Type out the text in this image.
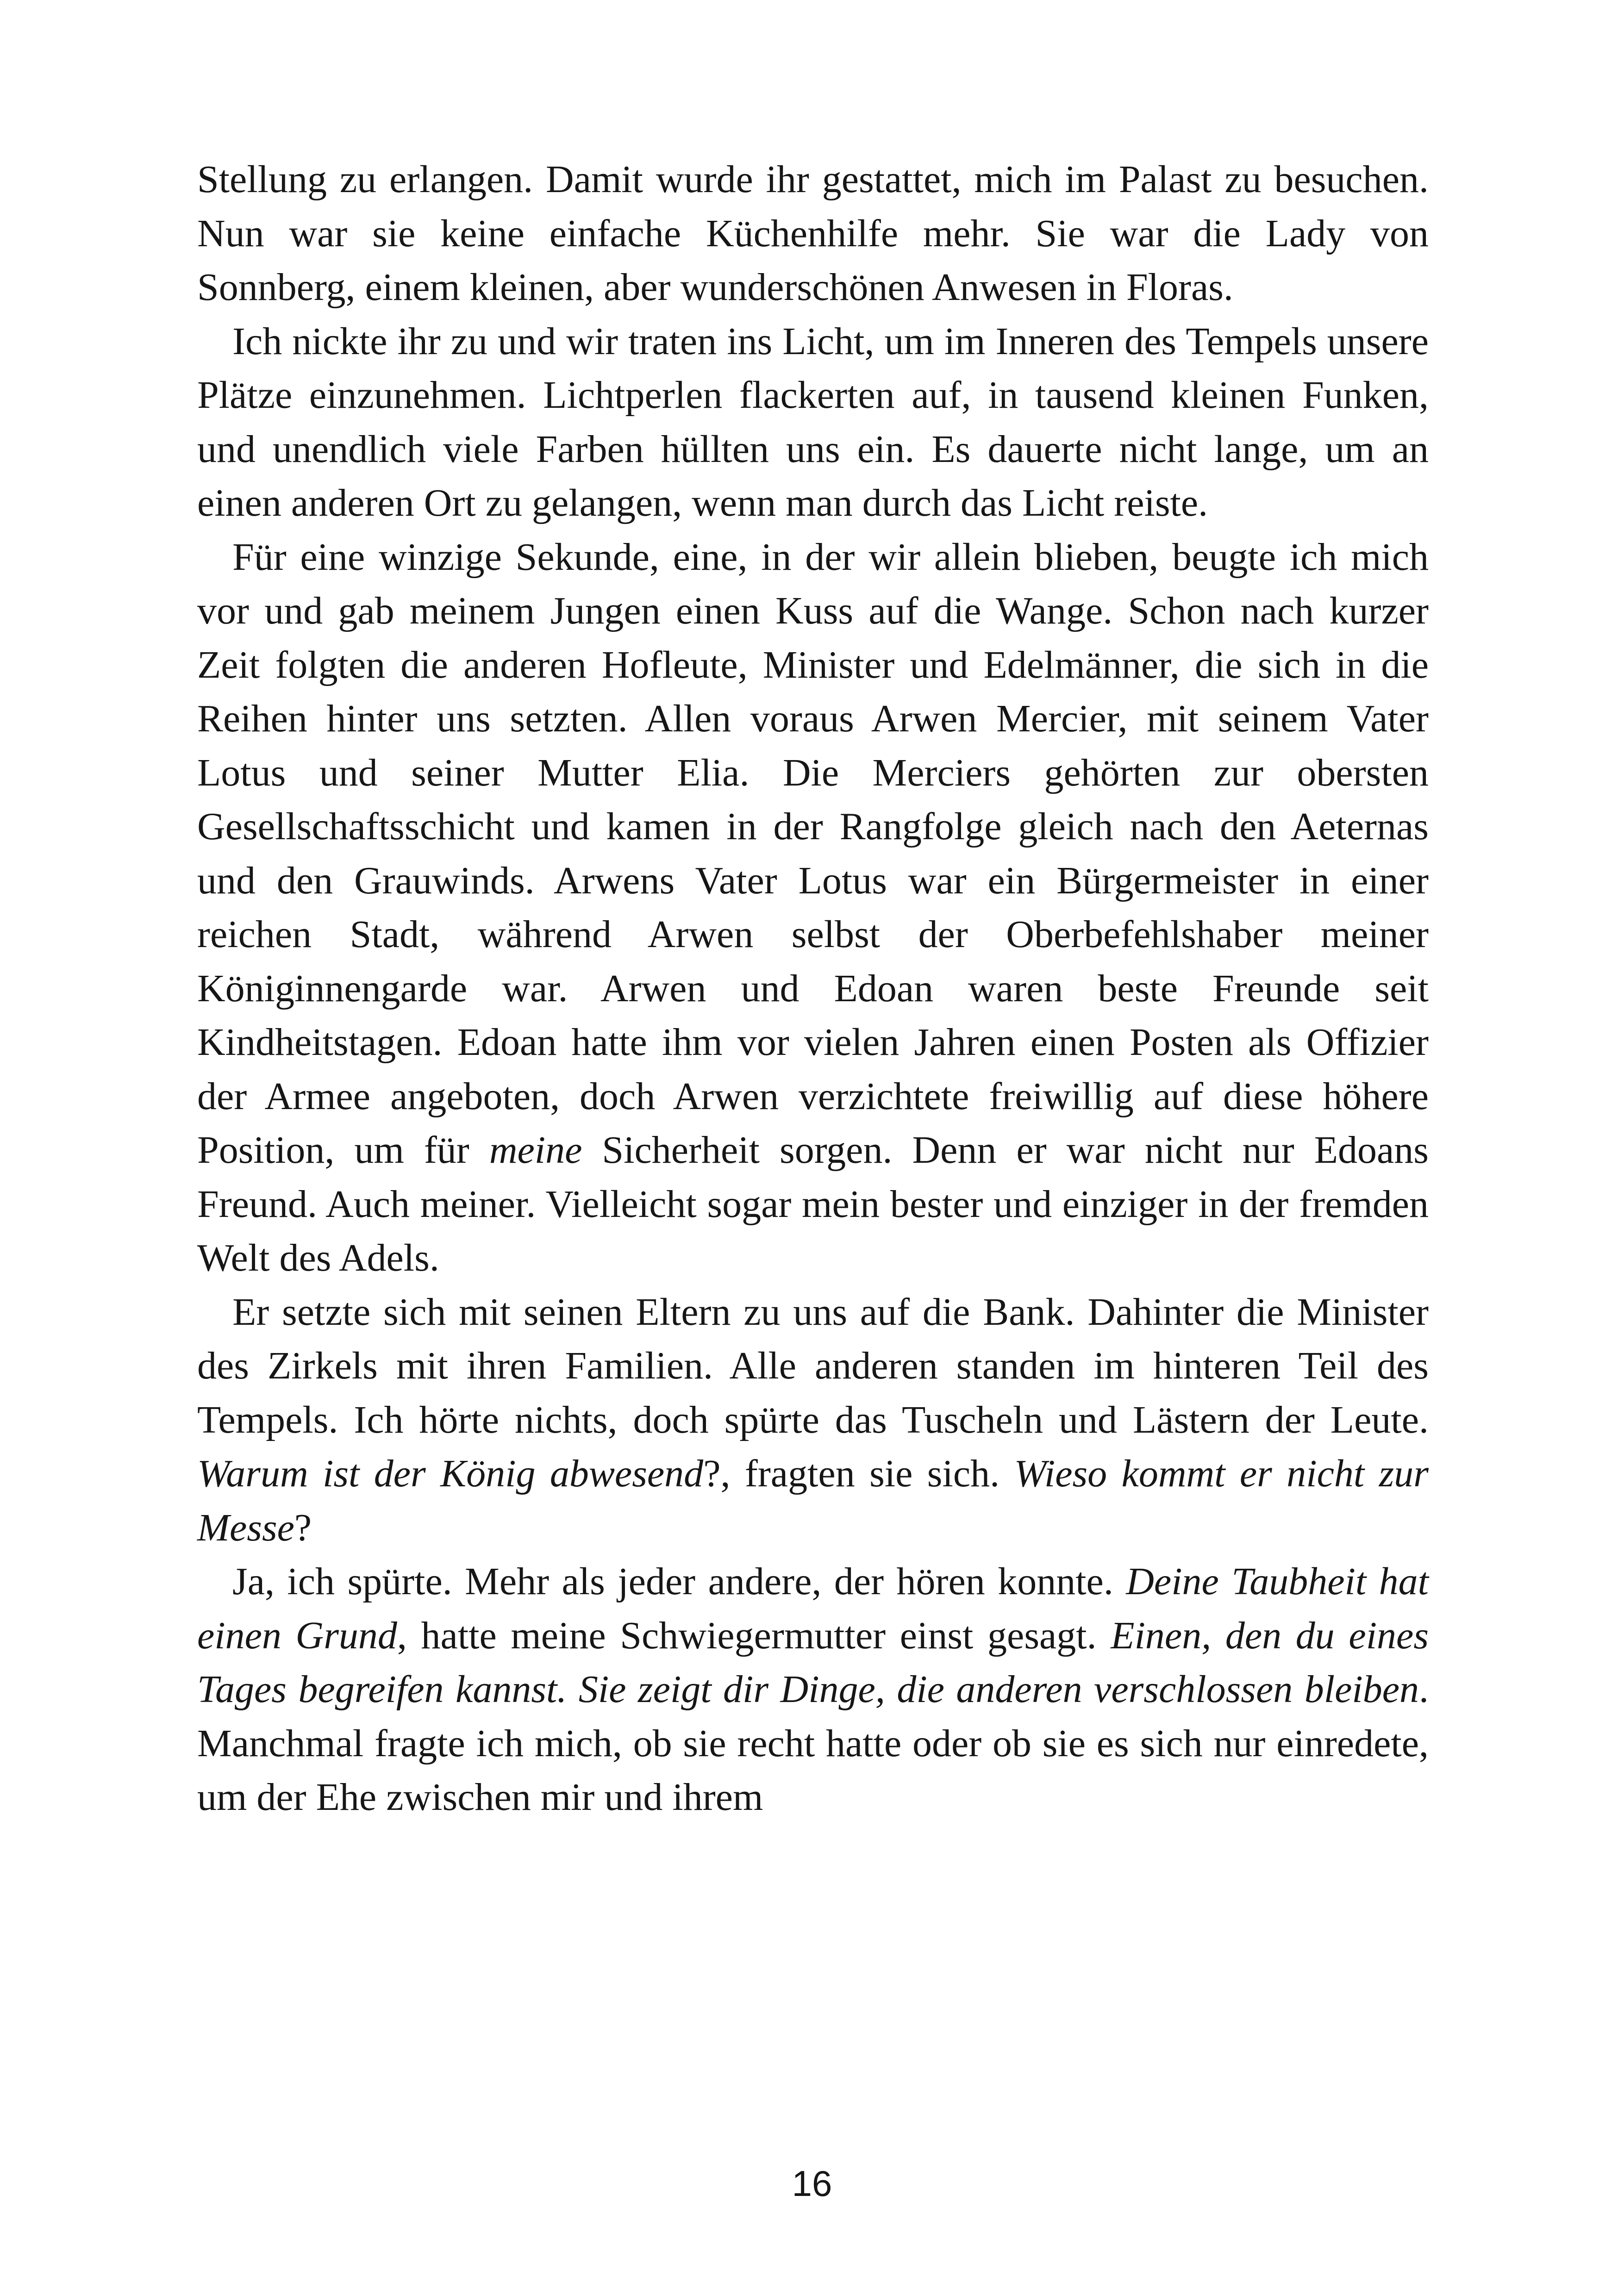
Stellung zu erlangen. Damit wurde ihr gestattet, mich im Palast zu besuchen. Nun war sie keine einfache Küchenhilfe mehr. Sie war die Lady von Sonnberg, einem kleinen, aber wunderschönen Anwesen in Floras.

Ich nickte ihr zu und wir traten ins Licht, um im Inneren des Tempels unsere Plätze einzunehmen. Lichtperlen flackerten auf, in tausend kleinen Funken, und unendlich viele Farben hüllten uns ein. Es dauerte nicht lange, um an einen anderen Ort zu gelangen, wenn man durch das Licht reiste.

Für eine winzige Sekunde, eine, in der wir allein blieben, beugte ich mich vor und gab meinem Jungen einen Kuss auf die Wange. Schon nach kurzer Zeit folgten die anderen Hofleute, Minister und Edelmänner, die sich in die Reihen hinter uns setzten. Allen voraus Arwen Mercier, mit seinem Vater Lotus und seiner Mutter Elia. Die Merciers gehörten zur obersten Gesellschaftsschicht und kamen in der Rangfolge gleich nach den Aeternas und den Grauwinds. Arwens Vater Lotus war ein Bürgermeister in einer reichen Stadt, während Arwen selbst der Oberbefehlshaber meiner Königinnengarde war. Arwen und Edoan waren beste Freunde seit Kindheitstagen. Edoan hatte ihm vor vielen Jahren einen Posten als Offizier der Armee angeboten, doch Arwen verzichtete freiwillig auf diese höhere Position, um für meine Sicherheit sorgen. Denn er war nicht nur Edoans Freund. Auch meiner. Vielleicht sogar mein bester und einziger in der fremden Welt des Adels.

Er setzte sich mit seinen Eltern zu uns auf die Bank. Dahinter die Minister des Zirkels mit ihren Familien. Alle anderen standen im hinteren Teil des Tempels. Ich hörte nichts, doch spürte das Tuscheln und Lästern der Leute. Warum ist der König abwesend?, fragten sie sich. Wieso kommt er nicht zur Messe?

Ja, ich spürte. Mehr als jeder andere, der hören konnte. Deine Taubheit hat einen Grund, hatte meine Schwiegermutter einst gesagt. Einen, den du eines Tages begreifen kannst. Sie zeigt dir Dinge, die anderen verschlossen bleiben. Manchmal fragte ich mich, ob sie recht hatte oder ob sie es sich nur einredete, um der Ehe zwischen mir und ihrem

16
